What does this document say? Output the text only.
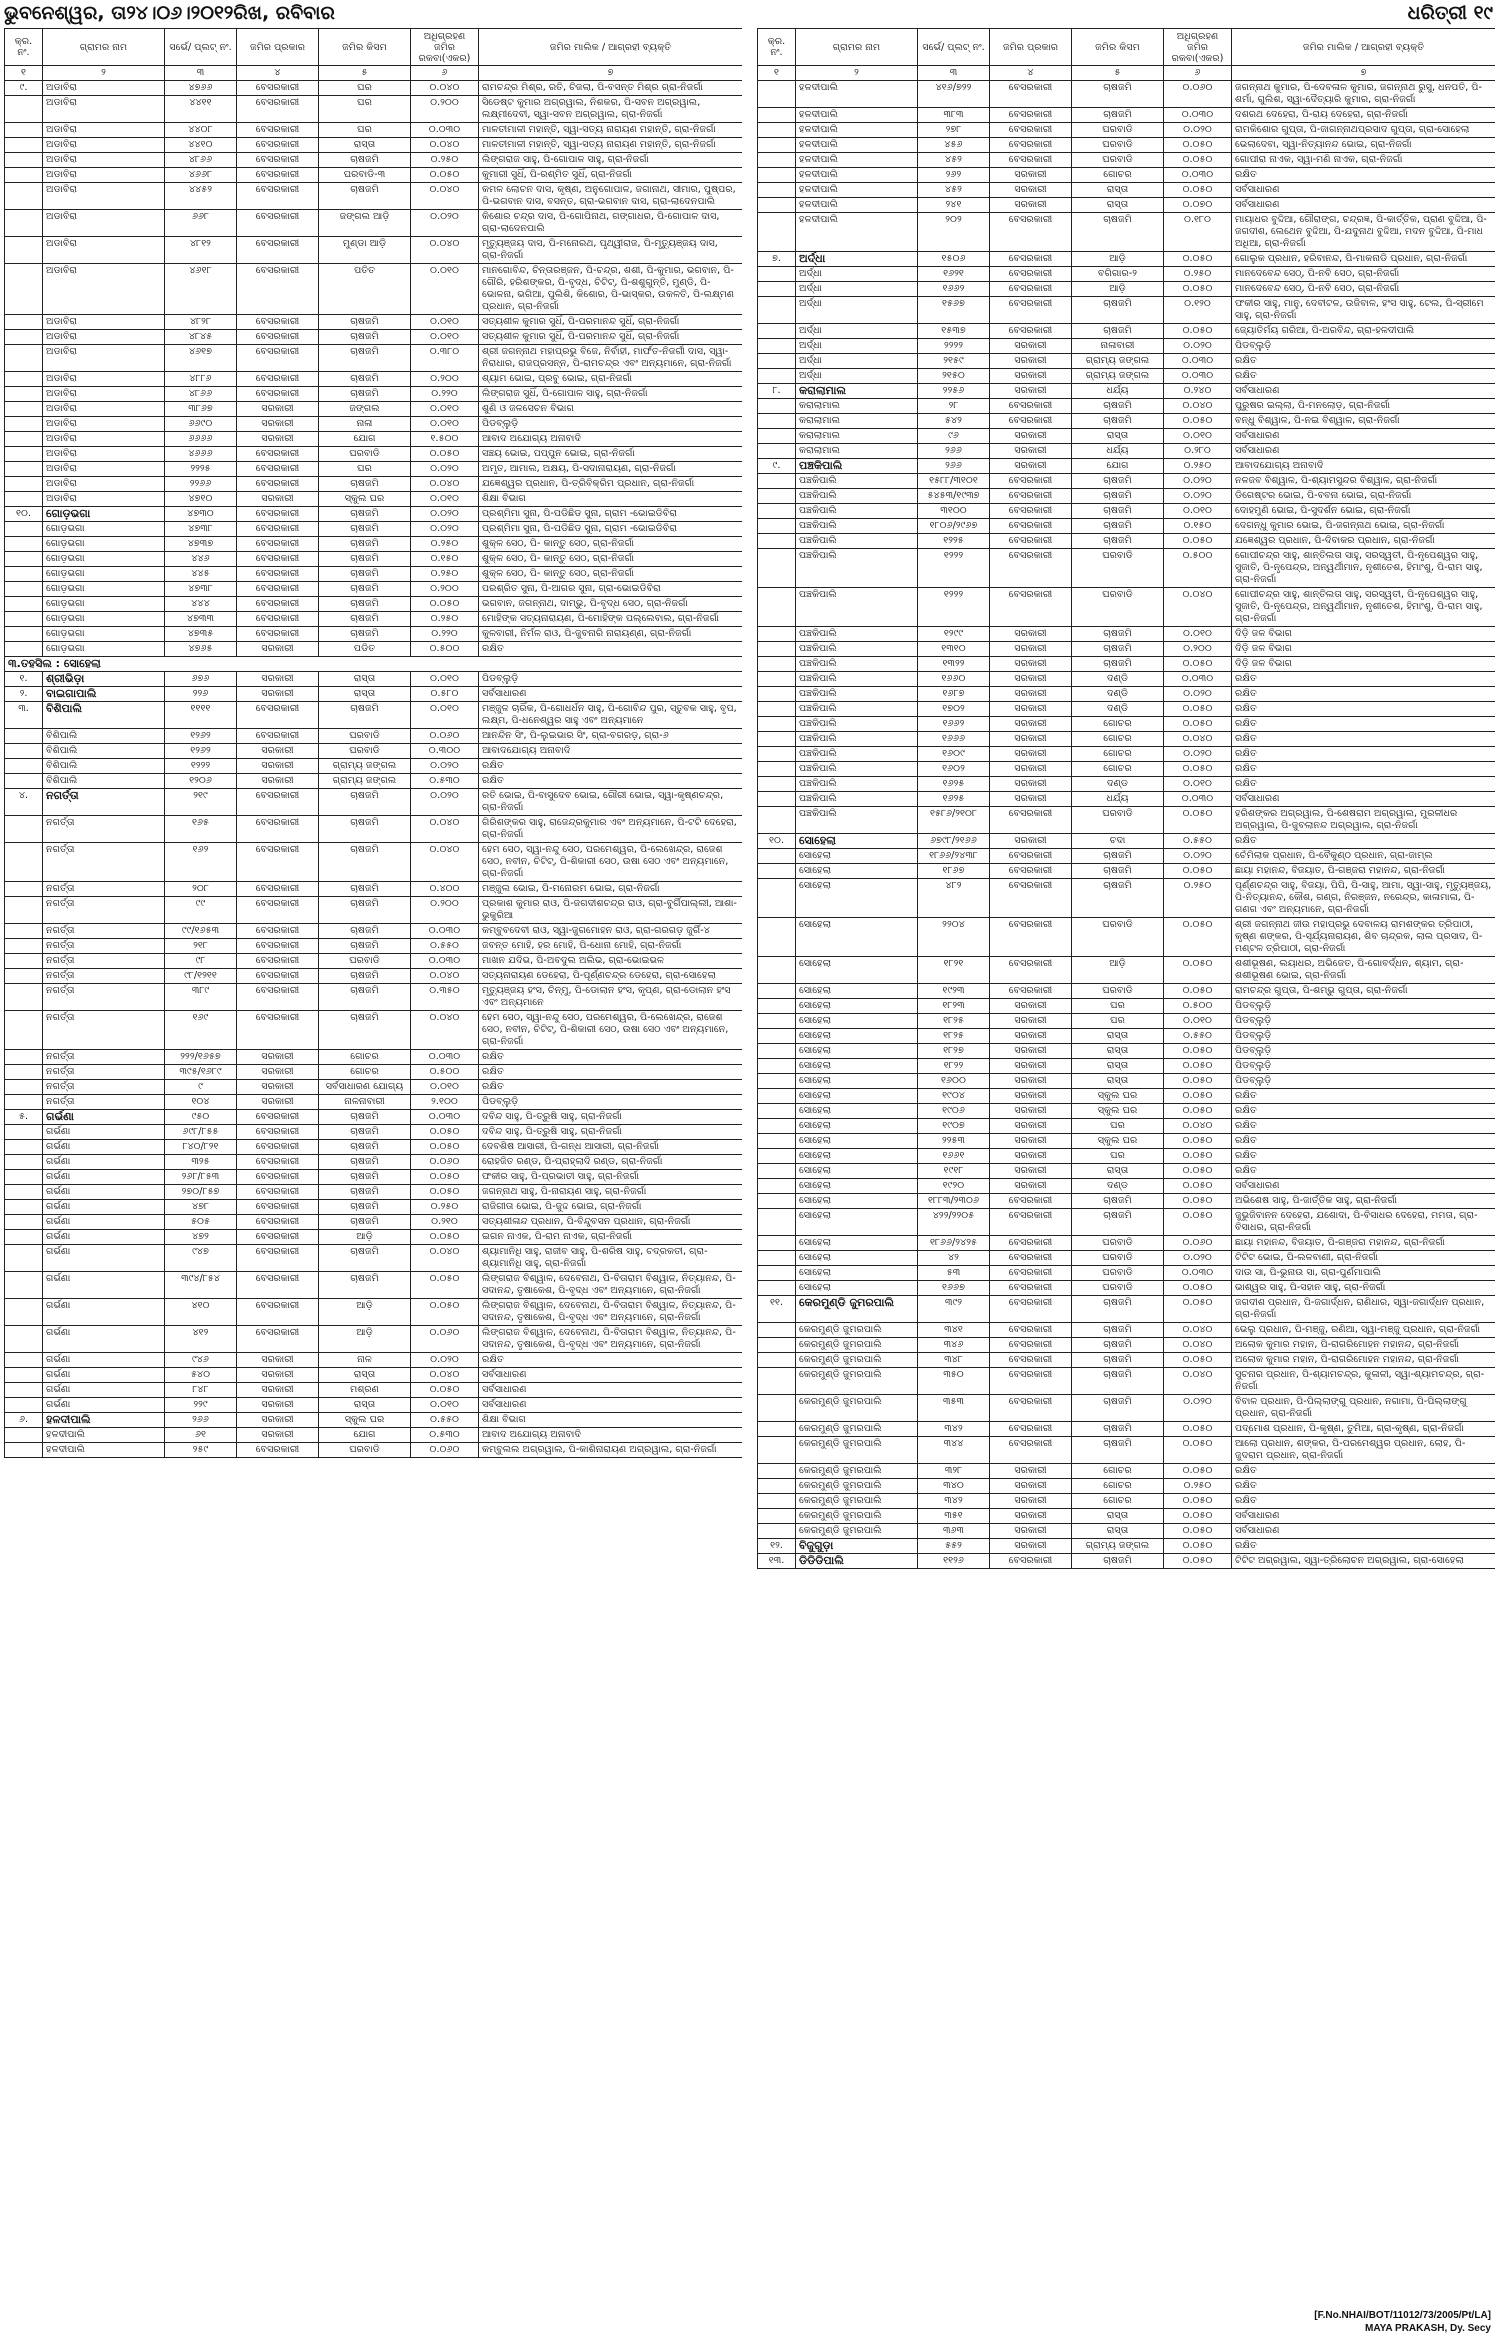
ଭୁବନେଶ୍ୱର, ତା୨୪।୦୬।୨୦୧୨ରିଖ, ରବିବାର	ଧରିତ୍ରୀ ୧୯
କ୍ର. ନଂ.	ଗ୍ରାମର ନାମ	ସର୍ଭେ/ ପ୍ଲଟ୍ ନଂ.	ଜମିର ପ୍ରକାର	ଜମିର କିସମ	ଅଧିଗ୍ରହଣ ଜମିର ରକବା(ଏକର)	ଜମିର ମାଲିକ / ଆଗ୍ରହୀ ବ୍ୟକ୍ତି
୧	୨	୩	୪	୫	୬	୭
୯.	ଅଡାବିରା	୪୭୬୬	ବେସରକାରୀ	ଘର	୦.୦୪୦	ରାମଚନ୍ଦ୍ର ମିଶ୍ର, ରତି, ଚିଜଲା, ପି-ବସନ୍ତ ମିଶ୍ର ଗ୍ରା-ନିଜର୍ଗା
	ଅଡାବିରା	୪୪୧୧	ବେସରକାରୀ	ଘର	୦.୨୦୦	ସିଡେଷ୍ଟ କୁମାର ଅଗ୍ରୱାଲ, ନିଶକର, ପି-ସବନ ଅଗ୍ରୱାଲ, ଲକ୍ଷ୍ମୀଦେବୀ, ସ୍ୱା-ସବନ ଅଗ୍ରୱାଲ, ଗ୍ରା-ନିଜର୍ଗା
	ଅଡାବିରା	୪୪୦୮	ବେସରକାରୀ	ଘର	୦.୦୩୦	ମାଳତୀମାଳୀ ମହାନ୍ତି, ସ୍ୱା-ସତ୍ୟ ନାରାୟଣ ମହାନ୍ତି, ଗ୍ରା-ନିଜର୍ଗା
	ଅଡାବିରା	୪୪୧୦	ବେସରକାରୀ	ରାସ୍ତା	୦.୦୪୦	ମାଳତୀମାଳୀ ମହାନ୍ତି, ସ୍ୱା-ସତ୍ୟ ନାରାୟଣ ମହାନ୍ତି, ଗ୍ରା-ନିଜର୍ଗା
	ଅଡାବିରା	୪୮୬୬	ବେସରକାରୀ	ଚାଷଜମି	୦.୨୫୦	ଲିଙ୍ଗରାଜ ସାହୁ, ପି-ଗୋପାଳ ସାହୁ, ଗ୍ରା-ନିଜର୍ଗା
	ଅଡାବିରା	୪୬୬୮	ବେସରକାରୀ	ଘରବାଡି-୩	୦.୦୫୦	କୁମାରୀ ସୁଧିଁ, ପି-ରଶ୍ମିତ ସୁଧିଁ, ଗ୍ରା-ନିଜର୍ଗା
	ଅଡାବିରା	୪୪୫୨	ବେସରକାରୀ	ଚାଷଜମି	୦.୦୪୦	କମଳ ଲୋଚନ ଦାସ, କୃଷ୍ଣ, ଅନୁଗୋପାଳ, ଜଗାନାଥ, ସୀମାର, ପୁଷ୍ପର, ପି-ଭଗବାନ ଦାସ, ବସନ୍ତ, ଗ୍ରା-ଭଗବାନ ଦାସ, ଗ୍ରା-ଲାଦେନପାଲି
	ଅଡାବିରା	୬୬୮	ବେସରକାରୀ	ଜଙ୍ଗଲ ଆଡ଼ି	୦.୦୨୦	କିଶୋର ଚନ୍ଦ୍ର ଦାସ, ପି-ଗୋପିନାଥ, ଗଙ୍ଗାଧର, ପି-ଗୋପାଳ ଦାସ, ଗ୍ରା-ଲାଦେନପାଲି
	ଅଡାବିରା	୪୮୧୨	ବେସରକାରୀ	ମୁଣ୍ଡା ଆଡ଼ି	୦.୦୪୦	ମୃତ୍ୟୁଞ୍ଜୟ ଦାସ, ପି-ମନୋରଥ, ପୃଥ୍ୱୀରାଜ, ପି-ମୃତ୍ୟୁଞ୍ଜୟ ଦାସ, ଗ୍ରା-ନିଜର୍ଗା
	ଅଡାବିରା	୪୬୧୮	ବେସରକାରୀ	ପତିତ	୦.୦୧୦	ମାନଗୋବିନ୍ଦ, ଚିନ୍ତାରଞ୍ଜନ, ପି-ଚନ୍ଦ୍ର, ଶଶୀ, ପି-କୁମାର, ଭଗବାନ, ପି-ଗୌରି, ହରିଶଙ୍କର, ପି-ବୃଦ୍ଧ, ଚିଟିଟ୍, ପି-ଶଶୁଗୁନ୍ତି, ମୁଣ୍ଡି, ପି-ଭୋଳନା, ଭଗିଆ, ପୁଲିଶି, କିଶୋର, ପି-ଭାସ୍କର, ଉକଳତି, ପି-ଲକ୍ଷ୍ମଣ ପ୍ରଧାନ, ଗ୍ରା-ନିଜର୍ଗା
	ଅଡାବିରା	୪୮୨୮	ବେସରକାରୀ	ଚାଷଜମି	୦.୦୧୦	ସତ୍ୟଶୀଳ କୁମାର ସୁଧିଁ, ପି-ପରମାନନ୍ଦ ସୁଧିଁ, ଗ୍ରା-ନିଜର୍ଗା
	ଅଡାବିରା	୪୮୪୫	ବେସରକାରୀ	ଚାଷଜମି	୦.୦୧୦	ସତ୍ୟଶୀଳ କୁମାର ସୁଧିଁ, ପି-ପରମାନନ୍ଦ ସୁଧିଁ, ଗ୍ରା-ନିଜର୍ଗା
	ଅଡାବିରା	୪୬୧୭	ବେସରକାରୀ	ଚାଷଜମି	୦.୩୮୦	ଶ୍ରୀ ଜଗନ୍ନାଥ ମହାପ୍ରଭୁ ବିଜେ, ନିର୍ବାହୀ, ମାର୍ଫତ-ନିଜର୍ଗୀ ଦାସ, ସ୍ୱା-ନିରାଧାର, ରାଜପ୍ରସନ୍ନ, ପି-ରାମଚନ୍ଦ୍ର ଏବଂ ଅନ୍ୟମାନେ, ଗ୍ରା-ନିଜର୍ଗା
	ଅଡାବିରା	୪୮୮୬	ବେସରକାରୀ	ଚାଷଜମି	୦.୨୦୦	ଶ୍ୟାମ ଭୋଇ, ପ୍ରବୁ ଭୋଇ, ଗ୍ରା-ନିଜର୍ଗା
	ଅଡାବିରା	୪୮୬୬	ବେସରକାରୀ	ଚାଷଜମି	୦.୨୨୦	ଲିଙ୍ଗରାଜ ସୁଧିଁ, ପି-ଗୋପାଳ ସାହୁ, ଗ୍ରା-ନିଜର୍ଗା
	ଅଡାବିରା	୩୮୬୭	ସରକାରୀ	ଜଙ୍ଗଲ	୦.୦୧୦	ଶୁଣି ଓ ଜଳସେଚନ ବିଭାଗ
	ଅଡାବିରା	୬୬୯୦	ସରକାରୀ	ନାଳା	୦.୦୧୦	ପିଡବ୍ଲୁଡ଼ି
	ଅଡାବିରା	୬୬୬୬	ସରକାରୀ	ଯୋଗ	୧.୫୦୦	ଆବାଦ ଅଯୋଗ୍ୟ ଅନାବାଦି
	ଅଡାବିରା	୪୬୬୬	ବେସରକାରୀ	ଘରବାଡି	୦.୦୫୦	ସଞ୍ଚୟ ଭୋଇ, ପପ୍ପୁନ ଭୋଇ, ଗ୍ରା-ନିଜର୍ଗା
	ଅଡାବିରା	୨୨୨୫	ବେସରକାରୀ	ଘର	୦.୦୨୦	ଅମୃତ, ଆମାଲ, ଅକ୍ଷୟ, ପି-ସଦାନାରାୟଣ, ଗ୍ରା-ନିଜର୍ଗା
	ଅଡାବିରା	୨୨୬୬	ବେସରକାରୀ	ଚାଷଜମି	୦.୦୪୦	ଯଜ୍ଞେଶ୍ୱର ପ୍ରଧାନ, ପି-ତ୍ରିବିକ୍ରିମ ପ୍ରଧାନ, ଗ୍ରା-ନିଜର୍ଗା
	ଅଡାବିରା	୪୭୧୦	ସରକାରୀ	ସ୍କୁଲ ଘର	୦.୦୧୦	ଶିକ୍ଷା ବିଭାଗ
୧୦.	ଗୋଡ଼ଭଗା	୪୭୩୦	ବେସରକାରୀ	ଚାଷଜମି	୦.୦୨୦	ପ୍ରଶ୍ମିମା ସୁନା, ପି-ପଡିଛିଡ ସୁନା, ଗ୍ରାମ -ଭୋଇଡିବିରା
	ଗୋଡ଼ଭଗା	୪୭୩୮	ବେସରକାରୀ	ଚାଷଜମି	୦.୦୨୦	ପ୍ରଶ୍ମିମା ସୁନା, ପି-ପଡିଛିଡ ସୁନା, ଗ୍ରାମ -ଭୋଇଡିବିରା
	ଗୋଡ଼ଭଗା	୪୭୩୭	ବେସରକାରୀ	ଚାଷଜମି	୦.୨୫୦	ଶୁକ୍ଳ ସେଠ, ପି- କାନ୍ତୁ ସେଠ, ଗ୍ରା-ନିଜର୍ଗା
	ଗୋଡ଼ଭଗା	୪୪୬	ବେସରକାରୀ	ଚାଷଜମି	୦.୧୫୦	ଶୁକ୍ଳ ସେଠ, ପି- କାନ୍ତୁ ସେଠ, ଗ୍ରା-ନିଜର୍ଗା
	ଗୋଡ଼ଭଗା	୪୪୫	ବେସରକାରୀ	ଚାଷଜମି	୦.୨୫୦	ଶୁକ୍ଳ ସେଠ, ପି- କାନ୍ତୁ ସେଠ, ଗ୍ରା-ନିଜର୍ଗା
	ଗୋଡ଼ଭଗା	୪୭୩୮	ବେସରକାରୀ	ଚାଷଜମି	୦.୨୦୦	ପରଶ୍ରିତ ସୁନା, ପି-ଆଗର ସୁନା, ଗ୍ରା-ଭୋଇଡିବିରା
	ଗୋଡ଼ଭଗା	୪୪୪	ବେସରକାରୀ	ଚାଷଜମି	୦.୦୫୦	ଭଗବାନ, ଜଗନ୍ନାଥ, ଦାମ୍ଭୁ, ପି-ବୃଦ୍ଧ ସେଠ, ଗ୍ରା-ନିଜର୍ଗା
	ଗୋଡ଼ଭଗା	୪୭୩୩	ବେସରକାରୀ	ଚାଷଜମି	୦.୨୫୦	ମୋହିଙ୍କ ସତ୍ୟନାରାୟଣ, ପି-ମୋହିଙ୍କ ପଲ୍ଲେବାଲ, ଗ୍ରା-ନିଜର୍ଗା
	ଗୋଡ଼ଭଗା	୪୭୩୫	ବେସରକାରୀ	ଚାଷଜମି	୦.୨୨୦	କୁଳବାରୀ, ନିର୍ମଳ ରାଓ, ପି-ଜୁବନାରି ନାରାୟଣ୍ଣ, ଗ୍ରା-ନିଜର୍ଗା
	ଗୋଡ଼ଭଗା	୪୭୬୫	ସରକାରୀ	ପଡିତ	୦.୫୦୦	ରକ୍ଷିତ
୩.ତହସିଲ : ସୋହେଲା						
୧.	ଶ୍ରୀଭିଡ଼ା	୬୭୬	ସରକାରୀ	ରାସ୍ତା	୦.୦୧୦	ପିଡବ୍ଲୁଡ଼ି
୨.	ବାଇଗାପାଲି	୨୨୬	ସରକାରୀ	ରାସ୍ତା	୦.୫୮୦	ସର୍ବସାଧାରଣ
୩.	ବିଶିପାଲି	୧୧୧୧	ବେସରକାରୀ	ଚାଷଜମି	୦.୦୧୦	ମଞ୍ଜୁଳ ଚାରିଁକ, ପି-ଗୋଧର୍ଧନ ସାହୁ, ପି-ଗୋବିନ୍ଦ ପୁର, ସ୍ତୁବକ ସାହୁ, ବୃପ, ଲକ୍ଷ୍ମ, ପି-ଧନେଶ୍ୱର ସାହୁ ଏବଂ ଅନ୍ୟମାନେ
	ବିଶିପାଲି	୧୨୬୨	ବେସରକାରୀ	ଘରବାଡି	୦.୦୬୦	ଆନନ୍ଦିନ ସିଂ, ପି-ଲୁଇଭାର ସିଂ, ଗ୍ରା-ବଗରଡ଼, ଗ୍ରା-୬
	ବିଶିପାଲି	୧୨୬୨	ସରକାରୀ	ଘରବାଡି	୦.୩୦୦	ଆବାଦଯୋଗ୍ୟ ଅନାବାଦି
	ବିଶିପାଲି	୧୨୨୨	ସରକାରୀ	ଗ୍ରାମ୍ୟ ଜଙ୍ଗଲ	୦.୦୨୦	ରକ୍ଷିତ
	ବିଶିପାଲି	୧୨୦୬	ସରକାରୀ	ଗ୍ରାମ୍ୟ ଜଙ୍ଗଲ	୦.୫୩୦	ରକ୍ଷିତ
୪.	ନଗର୍ତ୍ତା	୨୧୯	ବେସରକାରୀ	ଚାଷଜମି	୦.୦୨୦	ରତି ଭୋଇ, ପି-ବାସୁଦେବ ଭୋଇ, ଗୌରୀ ଭୋଇ, ସ୍ୱା-କୃଷ୍ଣଚନ୍ଦ୍ର, ଗ୍ରା-ନିଜର୍ଗା
	ନଗର୍ତ୍ତା	୧୬୫	ବେସରକାରୀ	ଚାଷଜମି	୦.୦୪୦	ଗିରିଶଙ୍କର ସାହୁ, ରାଜେନ୍ଦ୍ରକୁମାର ଏବଂ ଅନ୍ୟମାନେ, ପି-ଟଟି ଦେହେରା, ଗ୍ରା-ନିଜର୍ଗା
	ନଗର୍ତ୍ତା	୧୬୨	ବେସରକାରୀ	ଚାଷଜମି	୦.୦୪୦	ହେମ ସେଠ, ସ୍ୱା-ନନ୍ଦୁ ସେଠ, ପରମେଶ୍ୱର, ପି-ଲେଖେନ୍ଦ୍ର, ରାଜେଶ ସେଠ, ନବୀନ, ଚିଟିଟ୍, ପି-ଶିକାରୀ ସେଠ, ଉଷା ସେଠ ଏବଂ ଅନ୍ୟମାନେ, ଗ୍ରା-ନିଜର୍ଗା
	ନଗର୍ତ୍ତା	୨୦୮	ବେସରକାରୀ	ଚାଷଜମି	୦.୪୦୦	ମଞ୍ଜୁଲ ଭୋଇ, ପି-ମନୋରମ ଭୋଇ, ଗ୍ରା-ନିଜର୍ଗା
	ନଗର୍ତ୍ତା	୯୯	ବେସରକାରୀ	ଚାଷଜମି	୦.୨୦୦	ପ୍ରକାଶ କୁମାର ରାଓ, ପି-ଜଗଦୀଶଚନ୍ଦ୍ର ରାଓ, ଗ୍ରା-ବୁର୍ଗିପାଲ୍ଲୀ, ଆଶା-ଭୁକୁରିଆ
	ନଗର୍ତ୍ତା	୯୯/୧୬୫୩	ବେସରକାରୀ	ଚାଷଜମି	୦.୦୩୦	କମ୍ବୁବଦେବୀ ରାଓ, ସ୍ୱା-ଜୁଗମୋହନ ରାଓ, ଗ୍ରା-ଗରଗଡ଼ ଜୁର୍ଗି-୪
	ନଗର୍ତ୍ତା	୨୧୮	ବେସରକାରୀ	ଚାଷଜମି	୦.୫୫୦	ଜବନ୍ତ ମୋହି, ହର ମୋହି, ପି-ଧୋନା ମୋହି, ଗ୍ରା-ନିଜର୍ଗା
	ନଗର୍ତ୍ତା	୯୮	ବେସରକାରୀ	ଘରବାଡି	୦.୦୩୦	ମାଖନ ଯଦିଭ, ପି-ଅବଦୁଲ ଅଲିଭ, ଗ୍ରା-ଭୋଇଭଳ
	ନଗର୍ତ୍ତା	୯୮/୧୨୧୧	ବେସରକାରୀ	ଚାଷଜମି	୦.୦୪୦	ସତ୍ୟନାରାୟଣ ଡେହେରା, ପି-ପୂର୍ଣ୍ଣଚନ୍ଦ୍ର ଡେହେରା, ଗ୍ରା-ସୋହେଲା
	ନଗର୍ତ୍ତା	୩୮୯	ବେସରକାରୀ	ଚାଷଜମି	୦.୩୫୦	ମୃତ୍ୟୁଞ୍ଜୟ ହଂସ, ଚିନ୍ମୁ, ପି-ଡୋଲାନ ହଂସ, କୃପ୍ଣ, ଗ୍ରା-ଡୋଲାନ ହଂସ ଏବଂ ଅନ୍ୟମାନେ
	ନଗର୍ତ୍ତା	୧୬୯	ବେସରକାରୀ	ଚାଷଜମି	୦.୦୪୦	ହେମ ସେଠ, ସ୍ୱା-ନନ୍ଦୁ ସେଠ, ପରମେଶ୍ୱର, ପି-ଲେଖେନ୍ଦ୍ର, ରାଜେଶ ସେଠ, ନବୀନ, ଚିଟିଟ୍, ପି-ଶିକାରୀ ସେଠ, ଉଷା ସେଠ ଏବଂ ଅନ୍ୟମାନେ, ଗ୍ରା-ନିଜର୍ଗା
	ନଗର୍ତ୍ତା	୨୨୨/୧୬୫୭	ସରକାରୀ	ଗୋଚର	୦.୦୩୦	ରକ୍ଷିତ
	ନଗର୍ତ୍ତା	୩୯୫/୧୬୮୯	ସରକାରୀ	ଗୋଚର	୦.୫୦୦	ରକ୍ଷିତ
	ନଗର୍ତ୍ତା	୯	ସରକାରୀ	ସର୍ବସାଧାରଣ ଯୋଗ୍ୟ	୦.୦୧୦	ରକ୍ଷିତ
	ନଗର୍ତ୍ତା	୧୦୪	ସରକାରୀ	ନାଳନାବାରୀ	୨.୧୦୦	ପିଡବ୍ଲୁଡ଼ି
୫.	ଗର୍ଭଣା	୯୫୦	ବେସରକାରୀ	ଚାଷଜମି	୦.୦୩୦	ଦବିନ୍ଦ ସାହୁ, ପି-ତ୍ରୁଷି ସାହୁ, ଗ୍ରା-ନିଜର୍ଗା
	ଗର୍ଭଣା	୬୯୮/୮୫୫	ବେସରକାରୀ	ଚାଷଜମି	୦.୦୫୦	ଦବିନ୍ଦ ସାହୁ, ପି-ତ୍ରୁଷି ସାହୁ, ଗ୍ରା-ନିଜର୍ଗା
	ଗର୍ଭଣା	୮୪୦/୮୨୧	ବେସରକାରୀ	ଚାଷଜମି	୦.୦୫୦	ଦେବଶିଷ ଆସାରୀ, ପି-ଗନ୍ଧ ଆସାରୀ, ଗ୍ରା-ନିଜର୍ଗା
	ଗର୍ଭଣା	୩୨୫	ବେସରକାରୀ	ଚାଷଜମି	୦.୦୬୦	ରୋହଜିତ ରଣ୍ଡ, ପି-ପ୍ରାହ୍ଲାଦି ରଣ୍ଡ, ଗ୍ରା-ନିଜର୍ଗା
	ଗର୍ଭଣା	୨୬୮/୮୫୩	ବେସରକାରୀ	ଚାଷଜମି	୦.୦୫୦	ଫକୀର ସାହୁ, ପି-ପ୍ରଭାତୀ ସାହୁ, ଗ୍ରା-ନିଜର୍ଗା
	ଗର୍ଭଣା	୨୭୦/୮୫୭	ବେସରକାରୀ	ଚାଷଜମି	୦.୦୫୦	ଜଗନ୍ନାଥ ସାହୁ, ପି-ନାରାୟଣ ସାହୁ, ଗ୍ରା-ନିଜର୍ଗା
	ଗର୍ଭଣା	୪୭୮	ବେସରକାରୀ	ଚାଷଜମି	୦.୨୫୦	ରାଜିଗୀତା ଭୋଇ, ପି-ଜୁଦ୍ଦ ଭୋଇ, ଗ୍ରା-ନିଜର୍ଗା
	ଗର୍ଭଣା	୫୦୫	ବେସରକାରୀ	ଚାଷଜମି	୦.୨୧୦	ସତ୍ୟଶୀଳାନ୍ଦ ପ୍ରଧାନ, ପି-ବିନ୍ଦୁବସନ ପ୍ରଧାନ, ଗ୍ରା-ନିଜର୍ଗା
	ଗର୍ଭଣା	୪୭୨	ବେସରକାରୀ	ଆଡ଼ି	୦.୦୫୦	ଇଗନ ନାଏକ, ପି-ରାମ ନାଏକ, ଗ୍ରା-ନିଜର୍ଗା
	ଗର୍ଭଣା	୯୪୭	ବେସରକାରୀ	ଚାଷଜମି	୦.୦୪୦	ଶ୍ୟାମାନିଧି ସାହୁ, ରାଜୀବ ସାହୁ, ପି-ଶରିଷ ସାହୁ, ଚଦ୍ରକତୀ, ଗ୍ରା-ଶ୍ୟାମାନିଧି ସାହୁ, ଗ୍ରା-ନିଜର୍ଗା
	ଗର୍ଭଣା	୩୯୪/୮୫୪	ବେସରକାରୀ	ଚାଷଜମି	୦.୦୫୦	ଲିଙ୍ଗରାଜ ବିଶ୍ୱାଳ, ଦେବେନାଥ, ପି-ବିତାରାମ ବିଶ୍ୱାଳ, ନିତ୍ୟାନନ୍ଦ, ପି-ସଦାନନ୍ଦ, ତୃଷାକେଶ, ପି-ବୃଦ୍ଧ ଏବଂ ଅନ୍ୟମାନେ, ଗ୍ରା-ନିଜର୍ଗା
	ଗର୍ଭଣା	୪୧୦	ବେସରକାରୀ	ଆଡ଼ି	୦.୦୫୦	ଲିଙ୍ଗରାଜ ବିଶ୍ୱାଳ, ଦେବେନାଥ, ପି-ବିତାରାମ ବିଶ୍ୱାଳ, ନିତ୍ୟାନନ୍ଦ, ପି-ସଦାନନ୍ଦ, ତୃଷାକେଶ, ପି-ବୃଦ୍ଧ ଏବଂ ଅନ୍ୟମାନେ, ଗ୍ରା-ନିଜର୍ଗା
	ଗର୍ଭଣା	୪୧୨	ବେସରକାରୀ	ଆଡ଼ି	୦.୦୬୦	ଲିଙ୍ଗରାଜ ବିଶ୍ୱାଳ, ଦେବେନାଥ, ପି-ବିତାରାମ ବିଶ୍ୱାଳ, ନିତ୍ୟାନନ୍ଦ, ପି-ସଦାନନ୍ଦ, ତୃଷାକେଶ, ପି-ବୃଦ୍ଧ ଏବଂ ଅନ୍ୟମାନେ, ଗ୍ରା-ନିଜର୍ଗା
	ଗର୍ଭଣା	୯୪୬	ସରକାରୀ	ନାଳ	୦.୦୨୦	ରକ୍ଷିତ
	ଗର୍ଭଣା	୫୪୦	ସରକାରୀ	ରାସ୍ତା	୦.୦୪୦	ସର୍ବସାଧାରଣ
	ଗର୍ଭଣା	୮୪୮	ସରକାରୀ	ମଶ୍ରଣ	୦.୦୫୦	ସର୍ବସାଧାରଣ
	ଗର୍ଭଣା	୨୨୯	ସରକାରୀ	ରାସ୍ତା	୦.୦୧୦	ସର୍ବସାଧାରଣ
୬.	ହଳଦୀପାଲି	୨୬୬	ସରକାରୀ	ସ୍କୁଲ ଘର	୦.୫୫୦	ଶିକ୍ଷା ବିଭାଗ
	ହଳଦୀପାଲି	୬୧	ସରକାରୀ	ଯୋଗ	୦.୫୩୦	ଆବାଦ ଅଯୋଗ୍ୟ ଅନାବାଦି
	ହଳଦୀପାଲି	୨୫୯	ବେସରକାରୀ	ଘରବାଡି	୦.୦୬୦	କମ୍ବୁଲଲ ଅଗ୍ରୱାଲ, ପି-କାଶିନାରାୟଣ ଅଗ୍ରୱାଲ, ଗ୍ରା-ନିଜର୍ଗା
କ୍ର. ନଂ.	ଗ୍ରାମର ନାମ	ସର୍ଭେ/ ପ୍ଲଟ୍ ନଂ.	ଜମିର ପ୍ରକାର	ଜମିର କିସମ	ଅଧିଗ୍ରହଣ ଜମିର ରକବା(ଏକର)	ଜମିର ମାଲିକ / ଆଗ୍ରହୀ ବ୍ୟକ୍ତି
୧	୨	୩	୪	୫	୬	୭
	ହଳଦୀପାଲି	୪୧୬/୭୨୨	ବେସରକାରୀ	ଚାଷଜମି	୦.୦୬୦	ଜଗନ୍ନାଥ କୁମାର, ପି-ଦେବଳାଳ କୁମାର, ଜଗନ୍ନାଥ ରୁସୁ, ଧନପତି, ପି-ଶର୍ମା, ଗୁଲିଶ, ସ୍ୱା-ଦୈତ୍ୟାରି କୁମାର, ଗ୍ରା-ନିଜର୍ଗା
	ହଳଦୀପାଲି	୩୮୩	ବେସରକାରୀ	ଚାଷଜମି	୦.୦୩୦	ଦଶରଥ ଦେହେରା, ପି-ରାୟ ଦେହେରା, ଗ୍ରା-ନିଜର୍ଗା
	ହଳଦୀପାଲି	୨୭୮	ବେସରକାରୀ	ଘରବାଡି	୦.୦୨୦	ରାମକିଶୋର ଗୁପ୍ତା, ପି-ଜାଗନ୍ନାଥପ୍ରସାଦ ଗୁପ୍ତା, ଗ୍ରା-ସୋହେଲା
	ହଳଦୀପାଲି	୪୫୬	ବେସରକାରୀ	ଘରବାଡି	୦.୦୫୦	ଭେଲାଦେବା, ସ୍ୱା-ନିତ୍ୟାନନ୍ଦ ଭୋଇ, ଗ୍ରା-ନିଜର୍ଗା
	ହଳଦୀପାଲି	୪୫୨	ବେସରକାରୀ	ଘରବାଡି	୦.୦୫୦	ଗୋପୀରା ନାଏକ, ସ୍ୱା-ମଣି ନାଏକ, ଗ୍ରା-ନିଜର୍ଗା
	ହଳଦୀପାଲି	୨୬୨	ସରକାରୀ	ଗୋଚର	୦.୦୩୦	ରକ୍ଷିତ
	ହଳଦୀପାଲି	୪୫୨	ସରକାରୀ	ରାସ୍ତା	୦.୦୫୦	ସର୍ବସାଧାରଣ
	ହଳଦୀପାଲି	୨୪୧	ସରକାରୀ	ରାସ୍ତା	୦.୦୭୦	ସର୍ବସାଧାରଣ
	ହଳଦୀପାଲି	୨୦୨	ବେସରକାରୀ	ଚାଷଜମି	୦.୧୮୦	ମାୟାଧର ବୁଦ୍ଦିଆ, ଗୌରାଙ୍ଗ, ଚନ୍ଦ୍ରଜ୍ଞ, ପି-କାର୍ତ୍ତିକ, ପ୍ରାଣ ବୁଦ୍ଦିଆ, ପି-ଜଗଦୀଶ, ଲେଥେନ ବୁଦ୍ଦିଆ, ପି-ଯଦୁନାଥ ବୁଦ୍ଦିଆ, ମଦନ ବୁଦ୍ଦିଆ, ପି-ମାଧ ଅଧିଆ, ଗ୍ରା-ନିଜର୍ଗା
୭.	ଅର୍ଦ୍ଧା	୧୫୦୬	ବେସରକାରୀ	ଆଡ଼ି	୦.୦୫୦	ଗୋଲୁକ ପ୍ରଧାନ, ହରିବାନନ୍ଦ, ପି-ମାକନାଡି ପ୍ରଧାନ, ଗ୍ରା-ନିଜର୍ଗା
	ଅର୍ଦ୍ଧା	୧୬୨୧	ବେସରକାରୀ	ବଗିଗାର-୨	୦.୨୫୦	ମାନଦେବେନ୍ଦ ସେଠ୍, ପି-ନବି ସେଠ, ଗ୍ରା-ନିଜର୍ଗା
	ଅର୍ଦ୍ଧା	୧୬୬୨	ବେସରକାରୀ	ଆଡ଼ି	୦.୦୫୦	ମାନଦେବେନ୍ଦ ସେଠ୍, ପି-ନବି ସେଠ, ଗ୍ରା-ନିଜର୍ଗା
	ଅର୍ଦ୍ଧା	୧୫୬୭	ବେସରକାରୀ	ଚାଷଜମି	୦.୧୨୦	ଫକୀର ସାହୁ, ମାନୁ, ଦେବୀଟଳ, ଉଜିବାଳ, ହଂସ ସାହୁ, ଟେଲ, ପି-ସ୍ରୀମେ ସାହୁ, ଗ୍ରା-ନିଜର୍ଗା
	ଅର୍ଦ୍ଧା	୧୫୩୭	ବେସରକାରୀ	ଚାଷଜମି	୦.୦୫୦	ଜ୍ୟୋତିର୍ମୟ ଗରିଆ, ପି-ଅରବିନ୍ଦ, ଗ୍ରା-ହଳଦୀପାଲି
	ଅର୍ଦ୍ଧା	୨୨୨୨	ସରକାରୀ	ନାଳାବାରୀ	୦.୦୨୦	ପିଡବ୍ଲୁଡ଼ି
	ଅର୍ଦ୍ଧା	୨୧୫୯	ସରକାରୀ	ଗ୍ରାମ୍ୟ ଜଙ୍ଗଲ	୦.୦୩୦	ରକ୍ଷିତ
	ଅର୍ଦ୍ଧା	୨୧୫୦	ସରକାରୀ	ଗ୍ରାମ୍ୟ ଜଙ୍ଗଲ	୦.୦୩୦	ରକ୍ଷିତ
୮.	କରାଲାମାଲ	୨୨୫୬	ସରକାରୀ	ଧର୍ଯ୍ୟ	୦.୨୪୦	ସର୍ବସାଧାରଣ
	କରାଲାମାଲ	୨୮	ବେସରକାରୀ	ଚାଷଜମି	୦.୦୪୦	ପୁରୁଷର ଇଲ୍ଲା, ପି-ମନଲୋଡ଼, ଗ୍ରା-ନିଜର୍ଗା
	କରାଲାମାଲ	୫୪୨	ବେସରକାରୀ	ଚାଷଜମି	୦.୦୫୦	ବନ୍ଧୁ ବିଶ୍ୱାଳ, ପି-ନଇ ବିଶ୍ୱାଳ, ଗ୍ରା-ନିଜର୍ଗା
	କରାଲାମାଲ	୯୬	ସରକାରୀ	ରାସ୍ତା	୦.୦୧୦	ସର୍ବସାଧାରଣ
	କରାଲାମାଲ	୨୬୬	ସରକାରୀ	ଧର୍ଯ୍ୟ	୦.୨୮୦	ସର୍ବସାଧାରଣ
୯.	ପଞ୍ଚକିପାଲି	୨୬୬	ସରକାରୀ	ଯୋଗ	୦.୨୫୦	ଆବାଦଯୋଗ୍ୟ ଅନାବାଦି
	ପଞ୍ଚକିପାଲି	୧୫୮୮/୩୧୦୧	ବେସରକାରୀ	ଚାଷଜମି	୦.୦୨୦	ନଳଜବ ବିଶ୍ୱାଳ, ପି-ଶ୍ୟାମସୁନ୍ଦର ବିଶ୍ୱାଳ, ଗ୍ରା-ନିଜର୍ଗା
	ପଞ୍ଚକିପାଲି	୫୪୫୩/୧୯୩୭	ବେସରକାରୀ	ଚାଷଜମି	୦.୦୨୦	ଡିଗେଷ୍ଟର ଭୋଇ, ପି-ବବନା ଭୋଇ, ଗ୍ରା-ନିଜର୍ଗା
	ପଞ୍ଚକିପାଲି	୩୧୦୦	ବେସରକାରୀ	ଚାଷଜମି	୦.୦୧୦	ଦୋହମୁଣି ଭୋଇ, ପି-ସୁଦର୍ଶନ ଭୋଇ, ଗ୍ରା-ନିଜର୍ଗା
	ପଞ୍ଚକିପାଲି	୧୮୦୬/୨୯୬୭	ବେସରକାରୀ	ଚାଷଜମି	୦.୧୫୦	ଦେଗନ୍ଧୁ କୁମାର ଭୋଇ, ପି-ଜଗନ୍ନାଥ ଭୋଇ, ଗ୍ରା-ନିଜର୍ଗା
	ପଞ୍ଚକିପାଲି	୧୨୨୫	ବେସରକାରୀ	ଚାଷଜମି	୦.୦୫୦	ଯଜ୍ଞେଶ୍ୱର ପ୍ରଧାନ, ପି-ଦିବାକର ପ୍ରଧାନ, ଗ୍ରା-ନିଜର୍ଗା
	ପଞ୍ଚକିପାଲି	୧୨୨୨	ବେସରକାରୀ	ଘରବାଡି	୦.୫୦୦	ଗୋପୀଚନ୍ଦ୍ର ସାହୁ, ଶାନ୍ତିଲତା ସାହୁ, ସରସ୍ୱତୀ, ପି-ନୃପେଶ୍ୱର ସାହୁ, ସୁଜାତି, ପି-ନୃପେନ୍ଦ୍ର, ଅନ୍ୱର୍ଥୀମାନ, ନୃଶୀତେଶ, ହିମାଂଶୁ, ପି-ରାମ ସାହୁ, ଗ୍ରା-ନିଜର୍ଗା
	ପଞ୍ଚକିପାଲି	୧୨୨୨	ବେସରକାରୀ	ଘରବାଡି	୦.୦୪୦	ଗୋପୀଚନ୍ଦ୍ର ସାହୁ, ଶାନ୍ତିଲତା ସାହୁ, ସରସ୍ୱତୀ, ପି-ନୃପେଶ୍ୱର ସାହୁ, ସୁଜାତି, ପି-ନୃପେନ୍ଦ୍ର, ଅନ୍ୱର୍ଥୀମାନ, ନୃଶୀତେଶ, ହିମାଂଶୁ, ପି-ରାମ ସାହୁ, ଗ୍ରା-ନିଜର୍ଗା
	ପଞ୍ଚକିପାଲି	୧୨୯୯	ସରକାରୀ	ଚାଷଜମି	୦.୦୧୦	ଦିଡ଼ି ଜଳ ବିଭାଗ
	ପଞ୍ଚକିପାଲି	୧୩୧୦	ସରକାରୀ	ଚାଷଜମି	୦.୨୦୦	ଦିଡ଼ି ଜଳ ବିଭାଗ
	ପଞ୍ଚକିପାଲି	୧୩୨୨	ସରକାରୀ	ଚାଷଜମି	୦.୦୫୦	ଦିଡ଼ି ଜଳ ବିଭାଗ
	ପଞ୍ଚକିପାଲି	୧୬୬୦	ସରକାରୀ	ଦଣ୍ଡି	୦.୦୩୦	ରକ୍ଷିତ
	ପଞ୍ଚକିପାଲି	୧୬୮୭	ସରକାରୀ	ଦଣ୍ଡି	୦.୦୨୦	ରକ୍ଷିତ
	ପଞ୍ଚକିପାଲି	୧୭୦୨	ସରକାରୀ	ଦଣ୍ଡି	୦.୦୫୦	ରକ୍ଷିତ
	ପଞ୍ଚକିପାଲି	୧୬୬୨	ସରକାରୀ	ଗୋଚର	୦.୦୫୦	ରକ୍ଷିତ
	ପଞ୍ଚକିପାଲି	୧୬୬୬	ସରକାରୀ	ଗୋଚର	୦.୦୪୦	ରକ୍ଷିତ
	ପଞ୍ଚକିପାଲି	୧୬୦୯	ସରକାରୀ	ଗୋଚର	୦.୦୨୦	ରକ୍ଷିତ
	ପଞ୍ଚକିପାଲି	୧୬୦୨	ସରକାରୀ	ଗୋଚର	୦.୦୫୦	ରକ୍ଷିତ
	ପଞ୍ଚକିପାଲି	୧୬୨୫	ସରକାରୀ	ଦଣ୍ଡ	୦.୦୧୦	ରକ୍ଷିତ
	ପଞ୍ଚକିପାଲି	୧୬୨୫	ସରକାରୀ	ଧର୍ଯ୍ୟ	୦.୦୩୦	ସର୍ବସାଧାରଣ
	ପଞ୍ଚକିପାଲି	୧୫୮୬/୨୧୦୮	ବେସରକାରୀ	ଘରବାଡି	୦.୦୫୦	ହରିଶଙ୍କର ଅଗ୍ରୱାଲ, ପି-ଶେଷରାମ ଅଗ୍ରୱାଲ, ମୁରଳୀଧର ଅଗ୍ରୱାଲ, ପି-ଜୁବଲାନନ୍ଦ ଅଗ୍ରୱାଲ, ଗ୍ରା-ନିଜର୍ଗା
୧୦.	ସୋହେଲା	୬୭୯୮/୨୧୬୬	ସରକାରୀ	ଚଦା	୦.୫୫୦	ରକ୍ଷିତ
	ସୋହେଲା	୧୮୬୬/୨୪୩୮	ବେସରକାରୀ	ଚାଷଜମି	୦.୦୨୦	ଚେଁମିଲାକ ପ୍ରଧାନ, ପି-ବୈକୁଣ୍ଠ ପ୍ରଧାନ, ଗ୍ରା-ଜାମ୍ଲ
	ସୋହେଲା	୧୮୬୭	ବେସରକାରୀ	ଚାଷଜମି	୦.୦୫୦	ଛାୟା ମହାନନ୍ଦ, ବିଜୟାତ, ପି-ଗଞ୍ଜରା ମହାନନ୍ଦ, ଗ୍ରା-ନିଜର୍ଗା
	ସୋହେଲା	୪୮୨	ବେସରକାରୀ	ଚାଷଜମି	୦.୨୫୦	ପୂର୍ଣ୍ଣଚନ୍ଦ୍ର ସାହୁ, ବିଜୟା, ପିପି, ପି-ସାହୁ, ଆମା, ସ୍ୱା-ସାହୁ, ମୃତ୍ୟୁଞ୍ଜୟ, ପି-ନିତ୍ୟାନନ୍ଦ, କୌଶ, ଗଣ୍ଗ, ନିରଞ୍ଜନ, ନରେନ୍ଦ୍ର, କାଳାମାଳା, ପି-ଗଣଗ ଏବଂ ଅନ୍ୟମାନେ, ଗ୍ରା-ନିଜର୍ଗା
	ସୋହେଲା	୨୨୦୪	ବେସରକାରୀ	ଘରବାଡି	୦.୦୫୦	ଶ୍ରୀ ଜଗନ୍ନାଥ ଜୀଉ ମହାପ୍ରଭୁ ଦେବାଳୟ ରାମଶଙ୍କର ତ୍ରିପାଠୀ, କୃଷ୍ଣ ଶଙ୍କର, ପି-ସୂର୍ଯ୍ୟନାରାୟଣ, ଶିବ ଚାନ୍ଦ୍ରକ, ଲାଲ ପ୍ରସାଦ, ପି-ମଣ୍ଟଳ ତ୍ରିପାଠୀ, ଗ୍ରା-ନିଜର୍ଗା
	ସୋହେଲା	୧୮୨୧	ବେସରକାରୀ	ଆଡ଼ି	୦.୦୫୦	ଶଶୀଭୂଷଣ, ଲୟାଧର, ଅଭିଜେତ, ପି-ଗୋବର୍ଦ୍ଧନ, ଶ୍ୟାମ, ଗ୍ରା-ଶଶୀଭୂଷଣ ଭୋଇ, ଗ୍ରା-ନିଜର୍ଗା
	ସୋହେଲା	୧୯୨୩	ବେସରକାରୀ	ଘରବାଡି	୦.୦୫୦	ରାମଚନ୍ଦ୍ର ଗୁପ୍ତା, ପି-ଶମ୍ଭୁ ଗୁପ୍ତା, ଗ୍ରା-ନିଜର୍ଗା
	ସୋହେଲା	୧୮୨୩	ସରକାରୀ	ଘର	୦.୫୦୦	ପିଡବ୍ଲୁଡ଼ି
	ସୋହେଲା	୧୮୨୫	ସରକାରୀ	ଘର	୦.୦୧୦	ପିଡବ୍ଲୁଡ଼ି
	ସୋହେଲା	୧୮୨୫	ସରକାରୀ	ରାସ୍ତା	୦.୫୫୦	ପିଡବ୍ଲୁଡ଼ି
	ସୋହେଲା	୧୮୨୭	ସରକାରୀ	ରାସ୍ତା	୦.୦୫୦	ପିଡବ୍ଲୁଡ଼ି
	ସୋହେଲା	୧୮୨୨	ସରକାରୀ	ରାସ୍ତା	୦.୦୫୦	ପିଡବ୍ଲୁଡ଼ି
	ସୋହେଲା	୧୬୦୦	ସରକାରୀ	ରାସ୍ତା	୦.୦୫୦	ପିଡବ୍ଲୁଡ଼ି
	ସୋହେଲା	୧୯୦୪	ସରକାରୀ	ସ୍କୁଲ ଘର	୦.୦୫୦	ରକ୍ଷିତ
	ସୋହେଲା	୧୯୦୬	ସରକାରୀ	ସ୍କୁଲ ଘର	୦.୦୫୦	ରକ୍ଷିତ
	ସୋହେଲା	୧୯୦୭	ସରକାରୀ	ଘର	୦.୦୪୦	ରକ୍ଷିତ
	ସୋହେଲା	୨୨୫୩	ସରକାରୀ	ସ୍କୁଲ ଘର	୦.୦୫୦	ରକ୍ଷିତ
	ସୋହେଲା	୧୬୬୧	ସରକାରୀ	ଘର	୦.୦୫୦	ରକ୍ଷିତ
	ସୋହେଲା	୧୯୧୮	ସରକାରୀ	ରାସ୍ତା	୦.୦୫୦	ରକ୍ଷିତ
	ସୋହେଲା	୧୯୨୦	ସରକାରୀ	ଦଣ୍ଡ	୦.୦୫୦	ସର୍ବସାଧାରଣ
	ସୋହେଲା	୧୮୮୩/୨୩୦୬	ବେସରକାରୀ	ଚାଷଜମି	୦.୦୫୦	ଅଭିଶେଷ ସାହୁ, ପି-ଜାର୍ତ୍ତିକ ସାହୁ, ଗ୍ରା-ନିଜର୍ଗା
	ସୋହେଲା	୪୨୨/୨୨୦୫	ବେସରକାରୀ	ଚାଷଜମି	୦.୦୫୦	ଜୁଭୁଜିବାନନ ଦେହେରା, ଯଶୋଦା, ପି-ବିସାଧର ଦେହେରା, ମମତା, ଗ୍ରା-ବିସାଧର, ଗ୍ରା-ନିଜର୍ଗା
	ସୋହେଲା	୧୮୬୬/୨୪୨୫	ବେସରକାରୀ	ଘରବାଡି	୦.୦୬୦	ଛାୟା ମହାନନ୍ଦ, ବିଜୟାତ, ପି-ଗଞ୍ଜରା ମହାନନ୍ଦ, ଗ୍ରା-ନିଜର୍ଗା
	ସୋହେଲା	୪୨	ବେସରକାରୀ	ଘରବାଡି	୦.୦୨୦	ଟିଟିଟ ଭୋଇ, ପି-ଲଳବାଣୀ, ଗ୍ରା-ନିଜର୍ଗା
	ସୋହେଲା	୫୩	ବେସରକାରୀ	ଘରବାଡି	୦.୦୩୦	ଦାଉ ସା, ପି-ଭୁନାଉ ସା, ଗ୍ରା-ପୁର୍ଣମାପାଲି
	ସୋହେଲା	୧୬୬୭	ବେସରକାରୀ	ଘରବାଡି	୦.୦୫୦	ଭାଶ୍ୱର ସାହୁ, ପି-ସହାନ ସାହୁ, ଗ୍ରା-ନିଜର୍ଗା
୧୧.	କେରମୁଣ୍ଡି ଜୁମରପାଲି	୩୯୨	ବେସରକାରୀ	ଚାଷଜମି	୦.୦୫୦	ଜଗଦୀଶ ପ୍ରଧାନ, ପି-ଜଗାର୍ଦ୍ଧନ, ରାଣିଧାର, ସ୍ୱା-ଜଗାର୍ଦ୍ଧନ ପ୍ରଧାନ, ଗ୍ରା-ନିଜର୍ଗା
	କେରମୁଣ୍ଡି ଜୁମରପାଲି	୩୪୧	ବେସରକାରୀ	ଚାଷଜମି	୦.୦୪୦	ଭେଲୁ ପ୍ରଧାନ, ପି-ମଞ୍ଜୁ, ରଣିଆ, ସ୍ୱା-ମଞ୍ଜୁ ପ୍ରଧାନ, ଗ୍ରା-ନିଜର୍ଗା
	କେରମୁଣ୍ଡି ଜୁମରପାଲି	୩୪୬	ବେସରକାରୀ	ଚାଷଜମି	୦.୦୪୦	ଅଲୋକ କୁମାର ମହାନ, ପି-ରାଗରିମୋହନ ମହାନନ୍ଦ, ଗ୍ରା-ନିଜର୍ଗା
	କେରମୁଣ୍ଡି ଜୁମରପାଲି	୩୪୮	ବେସରକାରୀ	ଚାଷଜମି	୦.୦୫୦	ଅଲୋକ କୁମାର ମହାନ, ପି-ରାଗରିମୋହନ ମହାନନ୍ଦ, ଗ୍ରା-ନିଜର୍ଗା
	କେରମୁଣ୍ଡି ଜୁମରପାଲି	୩୫୦	ବେସରକାରୀ	ଚାଷଜମି	୦.୦୪୦	ସୁଚନାର ପ୍ରଧାନ, ପି-ଶ୍ୟାମଚନ୍ଦ୍ର, କୁଳାଳୀ, ସ୍ୱା-ଶ୍ୟାମଚନ୍ଦ୍ର, ଗ୍ରା-ନିଜର୍ଗା
	କେରମୁଣ୍ଡି ଜୁମରପାଲି	୩୫୩	ବେସରକାରୀ	ଚାଷଜମି	୦.୦୨୦	ବିବାଳ ପ୍ରଧାନ, ପି-ପିଲ୍ଲାଙ୍ଗୁ ପ୍ରଧାନ, ନଗାମା, ପି-ପିଲ୍ଲାଙ୍ଗୁ ପ୍ରଧାନ, ଗ୍ରା-ନିଜର୍ଗା
	କେରମୁଣ୍ଡି ଜୁମରପାଲି	୩୪୨	ବେସରକାରୀ	ଚାଷଜମି	୦.୦୫୦	ପଦ୍ମୋଶ ପ୍ରଧାନ, ପି-କୃଷ୍ଣ, ତୁମିଆ, ଗ୍ରା-କୃଷ୍ଣ, ଗ୍ରା-ନିଜର୍ଗା
	କେରମୁଣ୍ଡି ଜୁମରପାଲି	୩୪୪	ବେସରକାରୀ	ଚାଷଜମି	୦.୦୫୦	ଆଲୋ ପ୍ରଧାନ, ଶଙ୍କର, ପି-ପରମେଶ୍ୱର ପ୍ରଧାନ, ଲୋହ, ପି-ଜୁଦରାମ ପ୍ରଧାନ, ଗ୍ରା-ନିଜର୍ଗା
	କେରମୁଣ୍ଡି ଜୁମରପାଲି	୩୨୮	ସରକାରୀ	ଗୋଚର	୦.୦୫୦	ରକ୍ଷିତ
	କେରମୁଣ୍ଡି ଜୁମରପାଲି	୩୪୦	ସରକାରୀ	ଗୋଚର	୦.୨୫୦	ରକ୍ଷିତ
	କେରମୁଣ୍ଡି ଜୁମରପାଲି	୩୪୨	ସରକାରୀ	ଗୋଚର	୦.୦୫୦	ରକ୍ଷିତ
	କେରମୁଣ୍ଡି ଜୁମରପାଲି	୩୫୧	ସରକାରୀ	ରାସ୍ତା	୦.୦୫୦	ସର୍ବସାଧାରଣ
	କେରମୁଣ୍ଡି ଜୁମରପାଲି	୩୬୩	ସରକାରୀ	ରାସ୍ତା	୦.୦୫୦	ସର୍ବସାଧାରଣ
୧୨.	ବିଜୁଗୁଡ଼ା	୫୫୨	ସରକାରୀ	ଗ୍ରାମ୍ୟ ଜଙ୍ଗଲ	୦.୦୫୦	ରକ୍ଷିତ
୧୩.	ଡିଡିଡିପାଲି	୧୧୨୬	ବେସରକାରୀ	ଚାଷଜମି	୦.୦୫୦	ଟିଟିଟ ଅଗ୍ରୱାଲ, ସ୍ୱା-ତ୍ରିଲୋଚନ ଅଗ୍ରୱାଲ, ଗ୍ରା-ସୋହେଲା
[F.No.NHAI/BOT/11012/73/2005/Pt/LA]
MAYA PRAKASH, Dy. Secy
